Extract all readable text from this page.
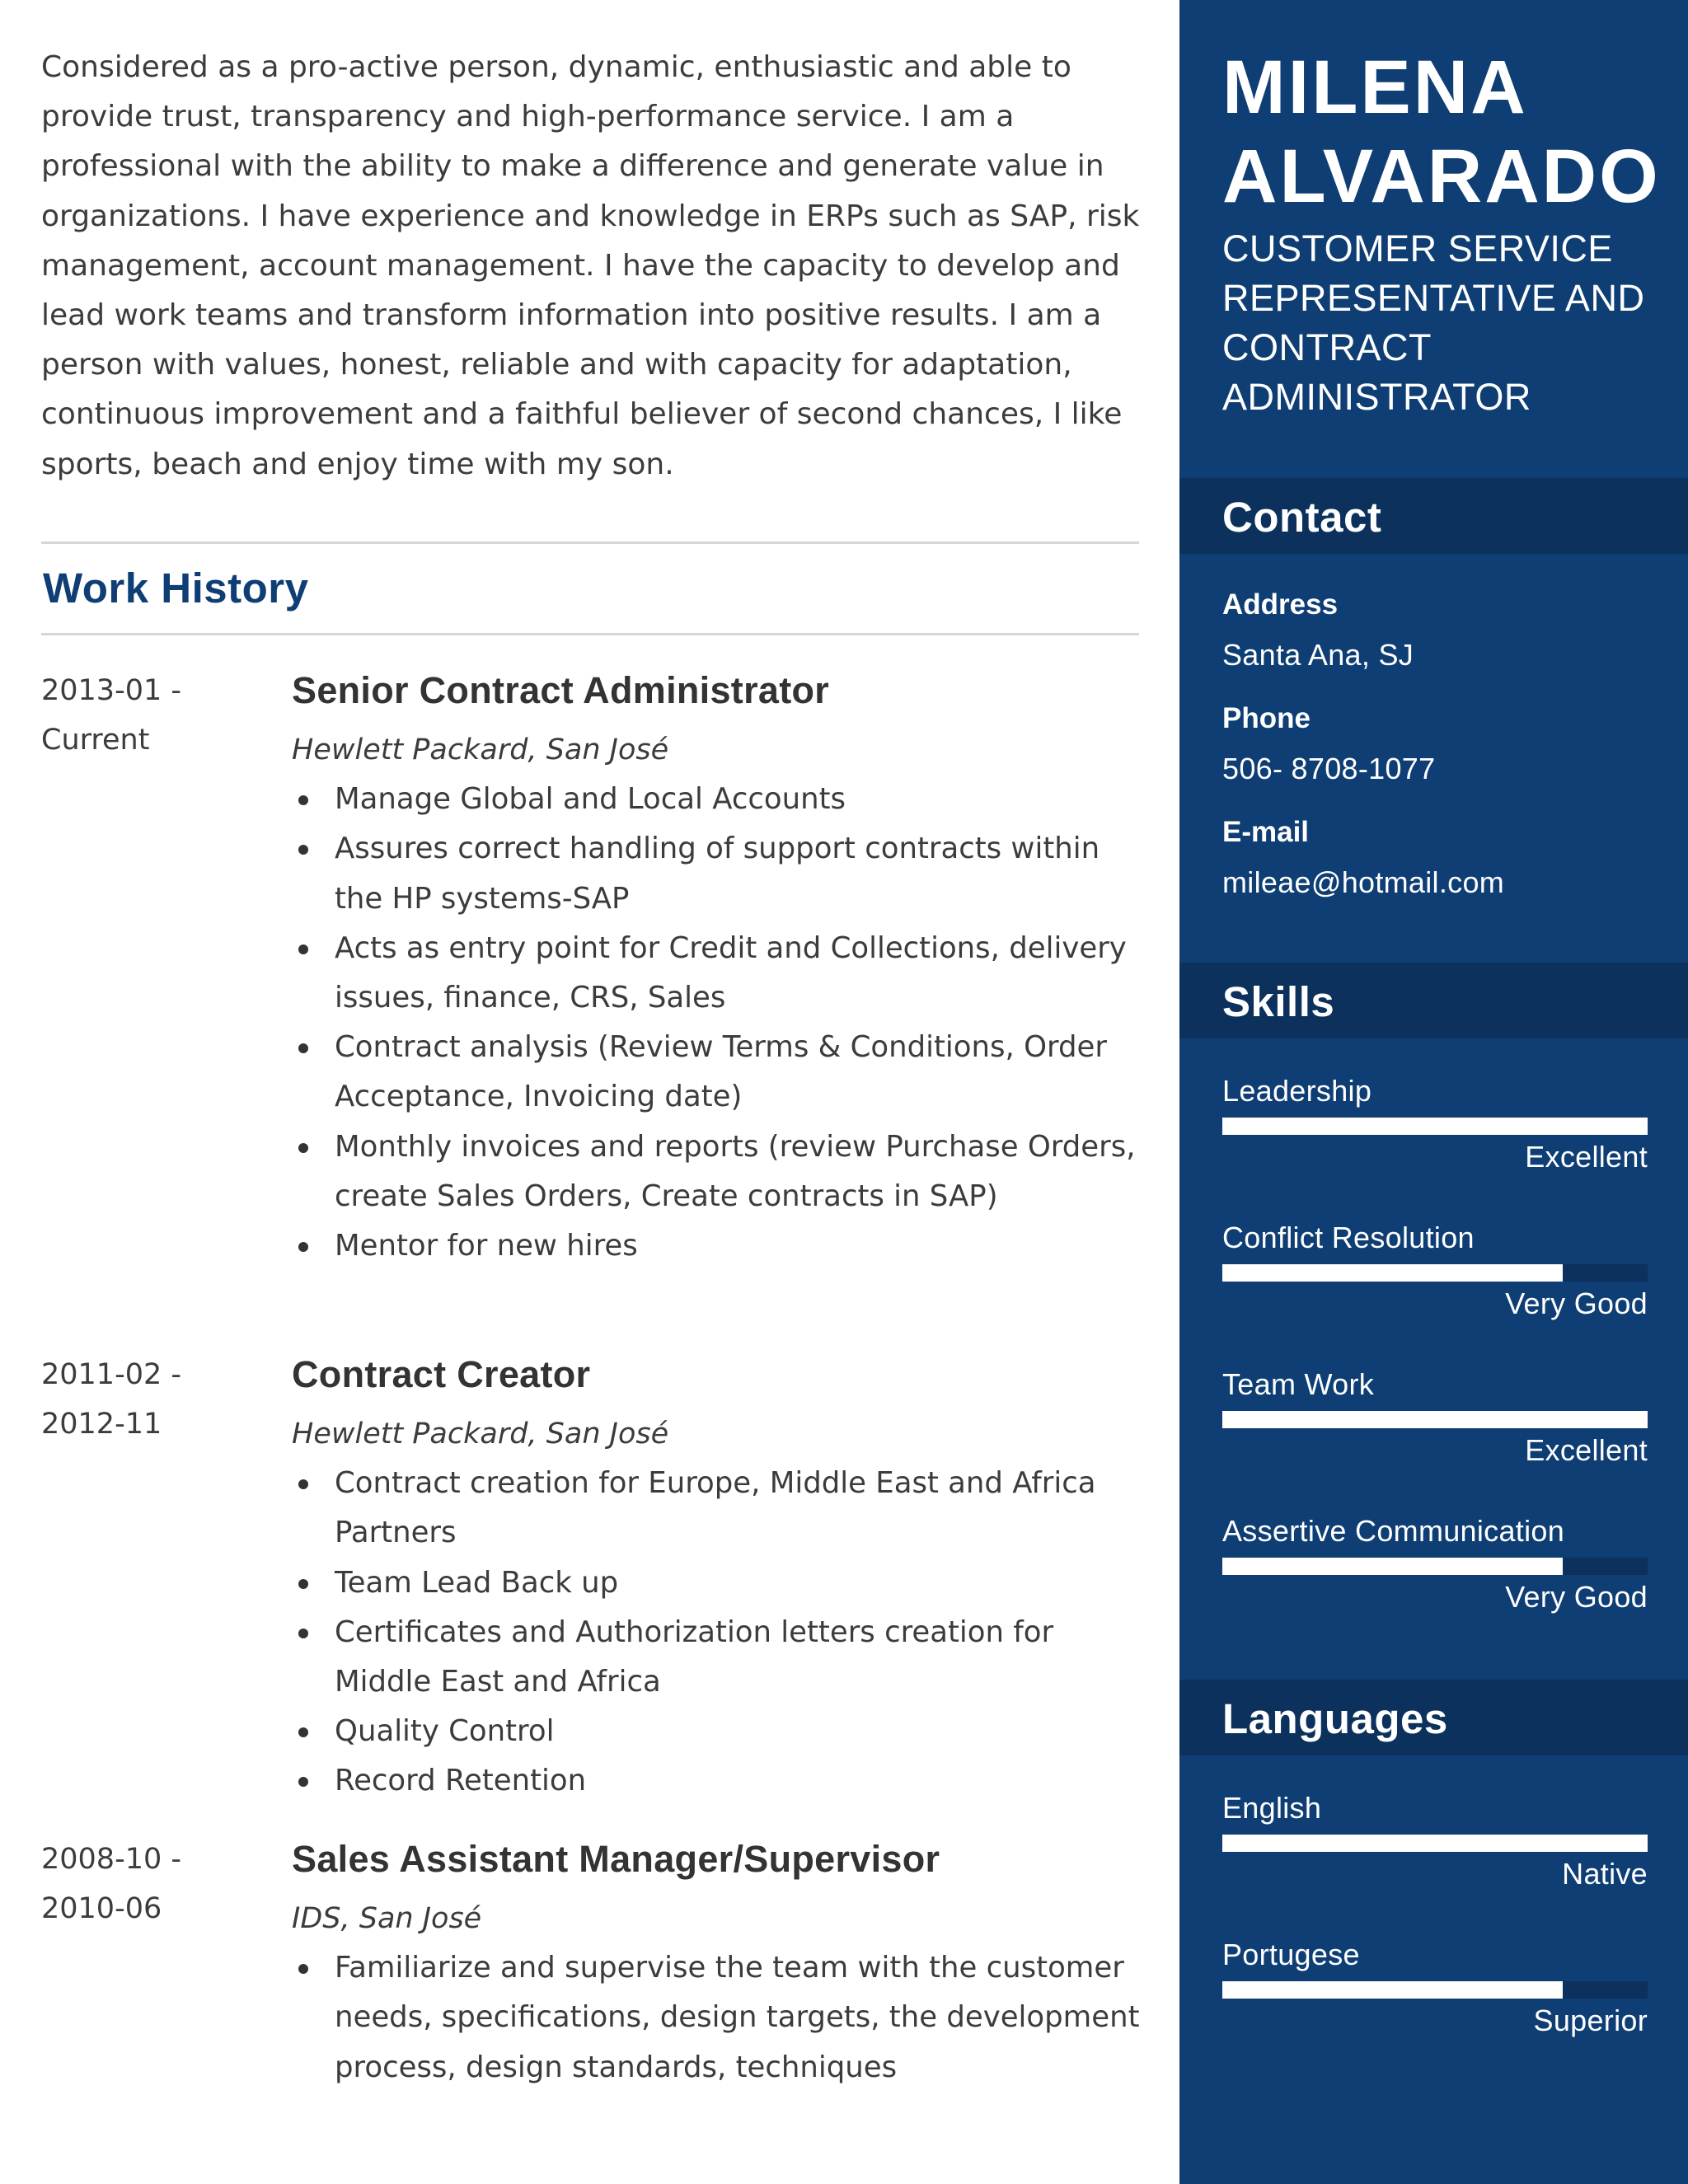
Considered as a pro-active person, dynamic, enthusiastic and able to provide trust, transparency and high-performance service. I am a professional with the ability to make a difference and generate value in organizations. I have experience and knowledge in ERPs such as SAP, risk management, account management. I have the capacity to develop and lead work teams and transform information into positive results. I am a person with values, honest, reliable and with capacity for adaptation, continuous improvement and a faithful believer of second chances, I like sports, beach and enjoy time with my son.

Work History
2013-01 -
Current
Senior Contract Administrator
Hewlett Packard, San José
Manage Global and Local Accounts
Assures correct handling of support contracts within the HP systems-SAP
Acts as entry point for Credit and Collections, delivery issues, finance, CRS, Sales
Contract analysis (Review Terms & Conditions, Order Acceptance, Invoicing date)
Monthly invoices and reports (review Purchase Orders, create Sales Orders, Create contracts in SAP)
Mentor for new hires
2011-02 -
2012-11
Contract Creator
Hewlett Packard, San José
Contract creation for Europe, Middle East and Africa Partners
Team Lead Back up
Certificates and Authorization letters creation for Middle East and Africa
Quality Control
Record Retention
2008-10 -
2010-06
Sales Assistant Manager/Supervisor
IDS, San José
Familiarize and supervise the team with the customer needs, specifications, design targets, the development process, design standards, techniques
MILENA
ALVARADO
CUSTOMER SERVICE REPRESENTATIVE AND CONTRACT ADMINISTRATOR
Contact
Address
Santa Ana, SJ
Phone
506- 8708-1077
E-mail
mileae@hotmail.com
Skills
Leadership
Excellent
Conflict Resolution
Very Good
Team Work
Excellent
Assertive Communication
Very Good
Languages
English
Native
Portugese
Superior
